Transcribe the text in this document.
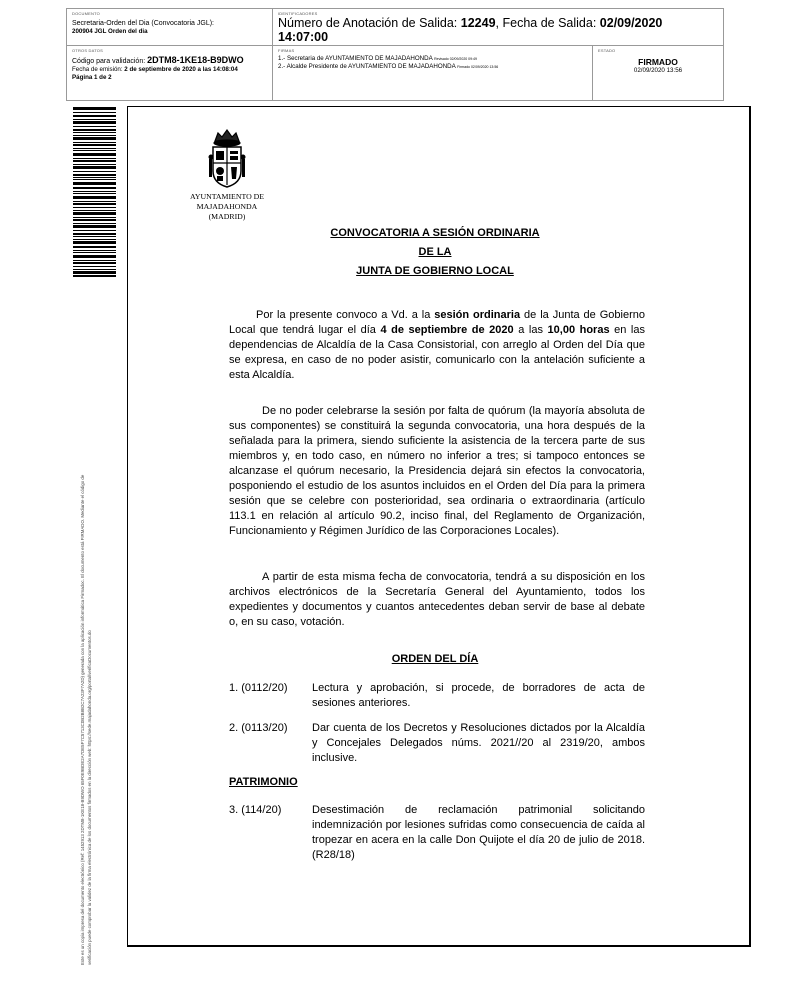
DOCUMENTO
Secretaria-Orden del Dia (Convocatoria JGL):
200904 JGL Orden del dia
IDENTIFICADORES
Número de Anotación de Salida: 12249, Fecha de Salida: 02/09/2020
14:07:00
OTROS DATOS
Código para validación: 2DTM8-1KE18-B9DWO
Fecha de emisión: 2 de septiembre de 2020 a las 14:08:04
Página 1 de 2
FIRMAS
1.- Secretaria de AYUNTAMIENTO DE MAJADAHONDA Revisado 02/09/2020 09:49
2.- Alcalde Presidente de AYUNTAMIENTO DE MAJADAHONDA Firmado 02/09/2020 13:56
ESTADO
FIRMADO
02/09/2020 13:56
Este es un copia impresa del documento electrónico (Ref: 1452913 2DTM8-1KE18-B9DWO 65F0E9BDE2A7DE5F7C5713C0B2B8B2C7A23F7A2D) generada con la aplicación informática Firmadoc. El documento está FIRMADO. Mediante el código de verificación puede comprobar la validez de la firma electrónica de los documentos firmados en la dirección web: https://sede.majadahonda.org/portal/verificaDocumentos.do
AYUNTAMIENTO DE
MAJADAHONDA
(MADRID)
CONVOCATORIA A SESIÓN ORDINARIA
DE LA
JUNTA DE GOBIERNO LOCAL

Por la presente convoco a Vd. a la sesión ordinaria de la Junta de Gobierno Local que tendrá lugar el día 4 de septiembre de 2020 a las 10,00 horas en las dependencias de Alcaldía de la Casa Consistorial, con arreglo al Orden del Día que se expresa, en caso de no poder asistir, comunicarlo con la antelación suficiente a esta Alcaldía.

De no poder celebrarse la sesión por falta de quórum (la mayoría absoluta de sus componentes) se constituirá la segunda convocatoria, una hora después de la señalada para la primera, siendo suficiente la asistencia de la tercera parte de sus miembros y, en todo caso, en número no inferior a tres; si tampoco entonces se alcanzase el quórum necesario, la Presidencia dejará sin efectos la convocatoria, posponiendo el estudio de los asuntos incluidos en el Orden del Día para la primera sesión que se celebre con posterioridad, sea ordinaria o extraordinaria (artículo 113.1 en relación al artículo 90.2, inciso final, del Reglamento de Organización, Funcionamiento y Régimen Jurídico de las Corporaciones Locales).

A partir de esta misma fecha de convocatoria, tendrá a su disposición en los archivos electrónicos de la Secretaría General del Ayuntamiento, todos los expedientes y documentos y cuantos antecedentes deban servir de base al debate o, en su caso, votación.

ORDEN DEL DÍA
1. (0112/20)	Lectura y aprobación, si procede, de borradores de acta de sesiones anteriores.
2. (0113/20)	Dar cuenta de los Decretos y Resoluciones dictados por la Alcaldía y Concejales Delegados núms. 2021//20 al 2319/20, ambos inclusive.
PATRIMONIO
3. (114/20)	Desestimación de reclamación patrimonial solicitando indemnización por lesiones sufridas como consecuencia de caída al tropezar en acera en la calle Don Quijote el día 20 de julio de 2018. (R28/18)
